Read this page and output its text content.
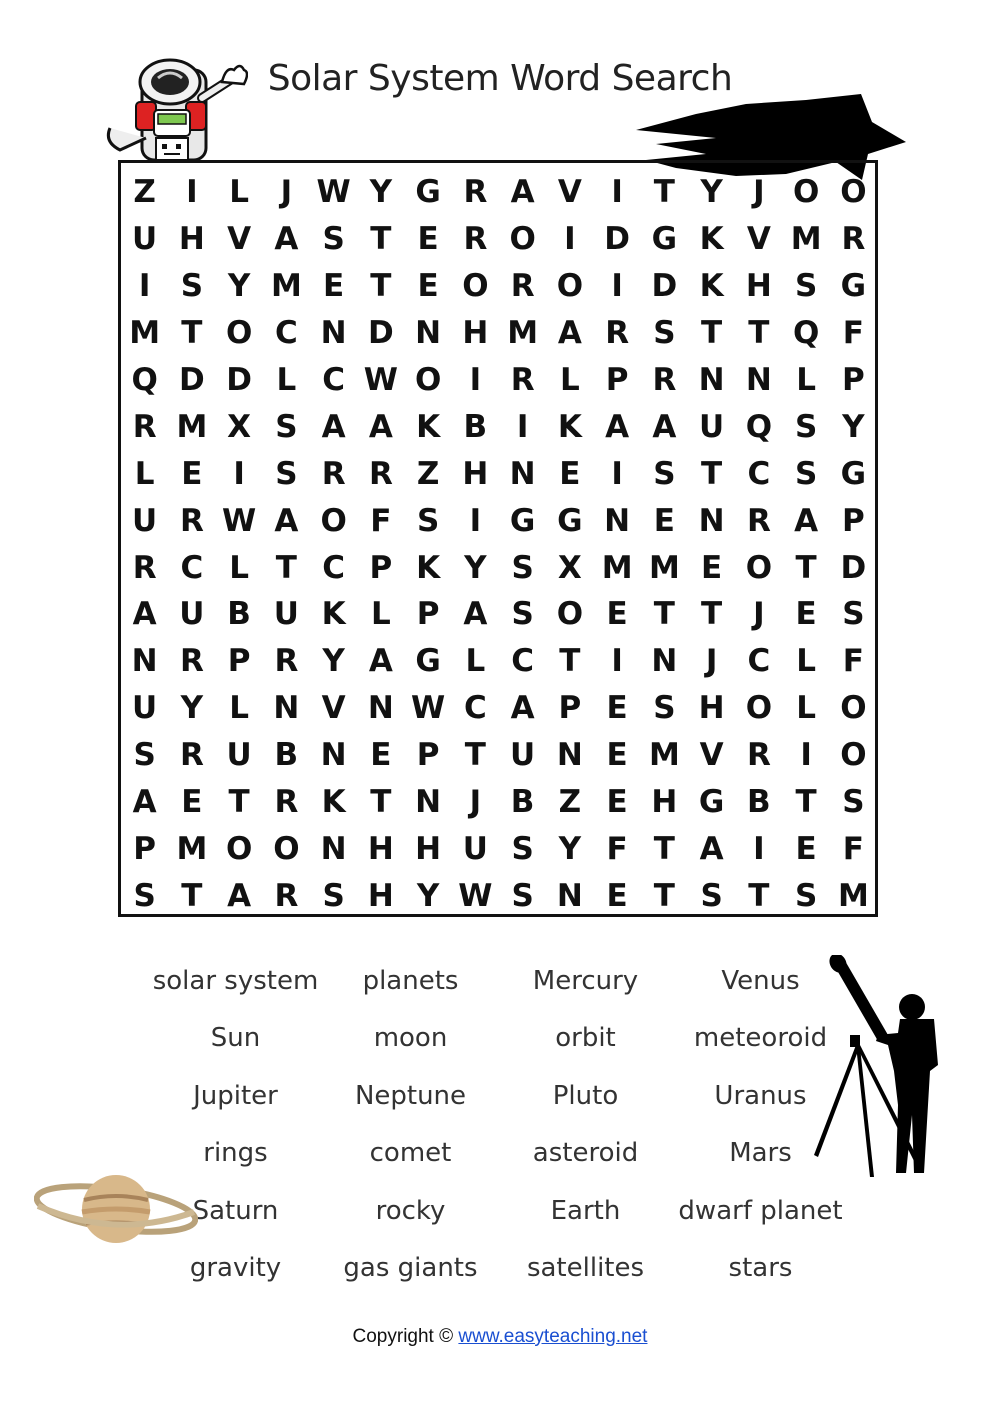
Solar System Word Search
Z I	L	J W Y G R A V I T Y J O O
U H V A S T E R O I D G K V M R
I S Y M E T E O R O I D K H S G
M T O C N D N H M A R S T T Q F
Q D D L C W O I R L P R N N L P
R M X S A A K B I K A A U Q S Y
L E I S R R Z H N E I S T C S G
U R W A O F S I G G N E N R A P
R C L T C P K Y S X M M E O T D
A U B U K L P A S O E T T J E S
N R P R Y A G L C T I N J C L F
U Y L N V N W C A P E S H O L O
S R U B N E P T U N E M V R I O
A E T R K T N J B Z E H G B T S
P M O O N H H U S Y F T A I E F
S T A R S H Y W S N E T S T S M
solar system	planets	Mercury	Venus
Sun	moon	orbit	meteoroid
Jupiter	Neptune	Pluto	Uranus
rings	comet	asteroid	Mars
Saturn	rocky	Earth	dwarf planet
gravity	gas giants	satellites	stars
Copyright © www.easyteaching.net
